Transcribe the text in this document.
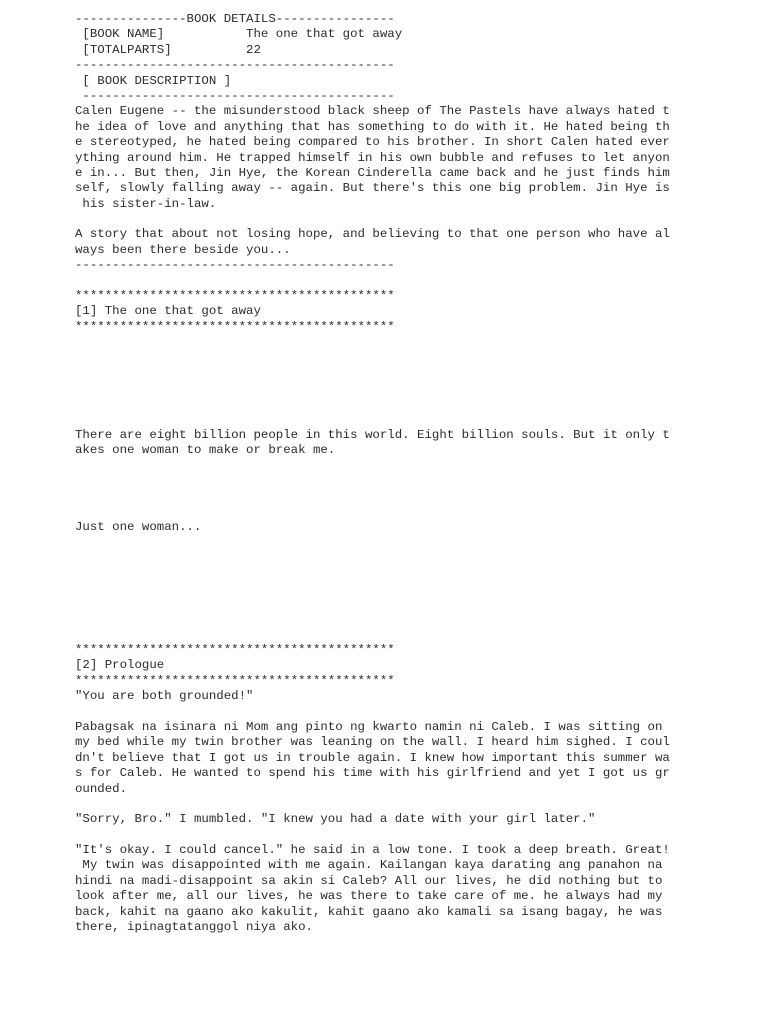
---------------BOOK DETAILS----------------
[BOOK NAME]           The one that got away
[TOTALPARTS]          22
-------------------------------------------
[ BOOK DESCRIPTION ]
------------------------------------------
Calen Eugene -- the misunderstood black sheep of The Pastels have always hated t
he idea of love and anything that has something to do with it. He hated being th
e stereotyped, he hated being compared to his brother. In short Calen hated ever
ything around him. He trapped himself in his own bubble and refuses to let anyon
e in... But then, Jin Hye, the Korean Cinderella came back and he just finds him
self, slowly falling away -- again. But there's this one big problem. Jin Hye is
his sister-in-law.
A story that about not losing hope, and believing to that one person who have al
ways been there beside you...
-------------------------------------------
*******************************************
[1] The one that got away
*******************************************
There are eight billion people in this world. Eight billion souls. But it only t
akes one woman to make or break me.
Just one woman...
*******************************************
[2] Prologue
*******************************************
"You are both grounded!"
Pabagsak na isinara ni Mom ang pinto ng kwarto namin ni Caleb. I was sitting on
my bed while my twin brother was leaning on the wall. I heard him sighed. I coul
dn't believe that I got us in trouble again. I knew how important this summer wa
s for Caleb. He wanted to spend his time with his girlfriend and yet I got us gr
ounded.
"Sorry, Bro." I mumbled. "I knew you had a date with your girl later."
"It's okay. I could cancel." he said in a low tone. I took a deep breath. Great!
My twin was disappointed with me again. Kailangan kaya darating ang panahon na
hindi na madi-disappoint sa akin si Caleb? All our lives, he did nothing but to
look after me, all our lives, he was there to take care of me. he always had my
back, kahit na gaano ako kakulit, kahit gaano ako kamali sa isang bagay, he was
there, ipinagtatanggol niya ako.
